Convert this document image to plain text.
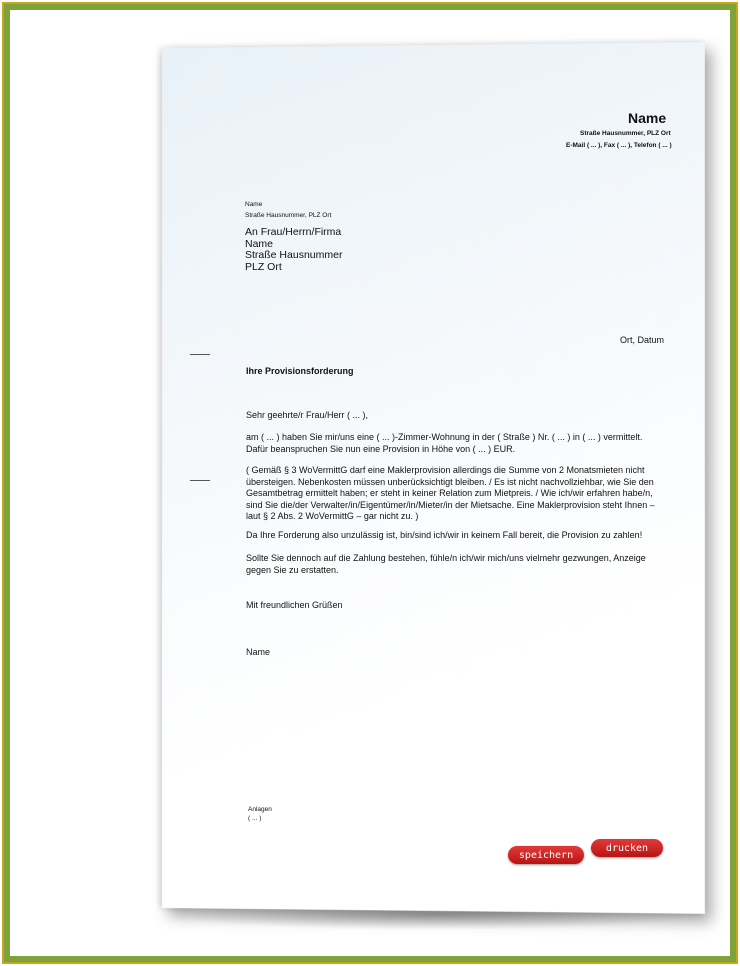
Name
Straße Hausnummer, PLZ Ort
E-Mail ( ... ), Fax ( ... ), Telefon ( ... )
Name
Straße Hausnummer, PLZ Ort
An Frau/Herrn/Firma
Name
Straße Hausnummer
PLZ Ort
Ort, Datum
Ihre Provisionsforderung
Sehr geehrte/r Frau/Herr ( ... ),
am ( ... ) haben Sie mir/uns eine ( ... )-Zimmer-Wohnung in der ( Straße ) Nr. ( ... ) in ( ... ) vermittelt. Dafür beanspruchen Sie nun eine Provision in Höhe von ( ... ) EUR.
( Gemäß § 3 WoVermittG darf eine Maklerprovision allerdings die Summe von 2 Monatsmieten nicht übersteigen. Nebenkosten müssen unberücksichtigt bleiben. / Es ist nicht nachvollziehbar, wie Sie den Gesamtbetrag ermittelt haben; er steht in keiner Relation zum Mietpreis. / Wie ich/wir erfahren habe/n, sind Sie die/der Verwalter/in/Eigentümer/in/Mieter/in der Mietsache. Eine Maklerprovision steht Ihnen – laut § 2 Abs. 2 WoVermittG – gar nicht zu. )
Da Ihre Forderung also unzulässig ist, bin/sind ich/wir in keinem Fall bereit, die Provision zu zahlen!
Sollte Sie dennoch auf die Zahlung bestehen, fühle/n ich/wir mich/uns vielmehr gezwungen, Anzeige gegen Sie zu erstatten.
Mit freundlichen Grüßen
Name
Anlagen
( ... )
speichern
drucken
